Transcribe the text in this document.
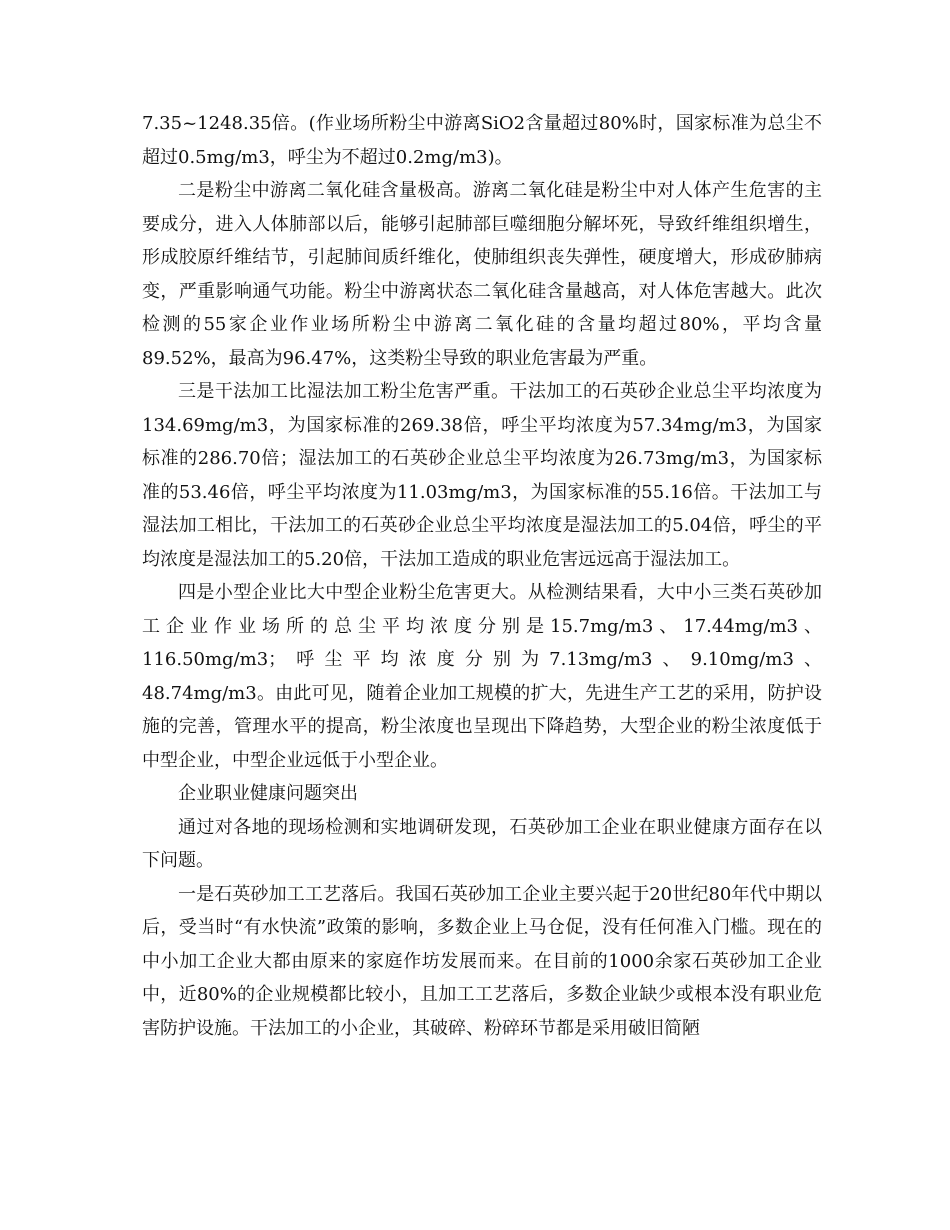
7.35~1248.35倍。(作业场所粉尘中游离SiO2含量超过80%时，国家标准为总尘不超过0.5mg/m3，呼尘为不超过0.2mg/m3)。

二是粉尘中游离二氧化硅含量极高。游离二氧化硅是粉尘中对人体产生危害的主要成分，进入人体肺部以后，能够引起肺部巨噬细胞分解坏死，导致纤维组织增生，形成胶原纤维结节，引起肺间质纤维化，使肺组织丧失弹性，硬度增大，形成矽肺病变，严重影响通气功能。粉尘中游离状态二氧化硅含量越高，对人体危害越大。此次检测的55家企业作业场所粉尘中游离二氧化硅的含量均超过80%，平均含量89.52%，最高为96.47%，这类粉尘导致的职业危害最为严重。

三是干法加工比湿法加工粉尘危害严重。干法加工的石英砂企业总尘平均浓度为134.69mg/m3，为国家标准的269.38倍，呼尘平均浓度为57.34mg/m3，为国家标准的286.70倍；湿法加工的石英砂企业总尘平均浓度为26.73mg/m3，为国家标准的53.46倍，呼尘平均浓度为11.03mg/m3，为国家标准的55.16倍。干法加工与湿法加工相比，干法加工的石英砂企业总尘平均浓度是湿法加工的5.04倍，呼尘的平均浓度是湿法加工的5.20倍，干法加工造成的职业危害远远高于湿法加工。

四是小型企业比大中型企业粉尘危害更大。从检测结果看，大中小三类石英砂加工企业作业场所的总尘平均浓度分别是15.7mg/m3、17.44mg/m3、116.50mg/m3；呼尘平均浓度分别为7.13mg/m3、9.10mg/m3、48.74mg/m3。由此可见，随着企业加工规模的扩大，先进生产工艺的采用，防护设施的完善，管理水平的提高，粉尘浓度也呈现出下降趋势，大型企业的粉尘浓度低于中型企业，中型企业远低于小型企业。

企业职业健康问题突出

通过对各地的现场检测和实地调研发现，石英砂加工企业在职业健康方面存在以下问题。

一是石英砂加工工艺落后。我国石英砂加工企业主要兴起于20世纪80年代中期以后，受当时“有水快流”政策的影响，多数企业上马仓促，没有任何准入门槛。现在的中小加工企业大都由原来的家庭作坊发展而来。在目前的1000余家石英砂加工企业中，近80%的企业规模都比较小，且加工工艺落后，多数企业缺少或根本没有职业危害防护设施。干法加工的小企业，其破碎、粉碎环节都是采用破旧简陋
